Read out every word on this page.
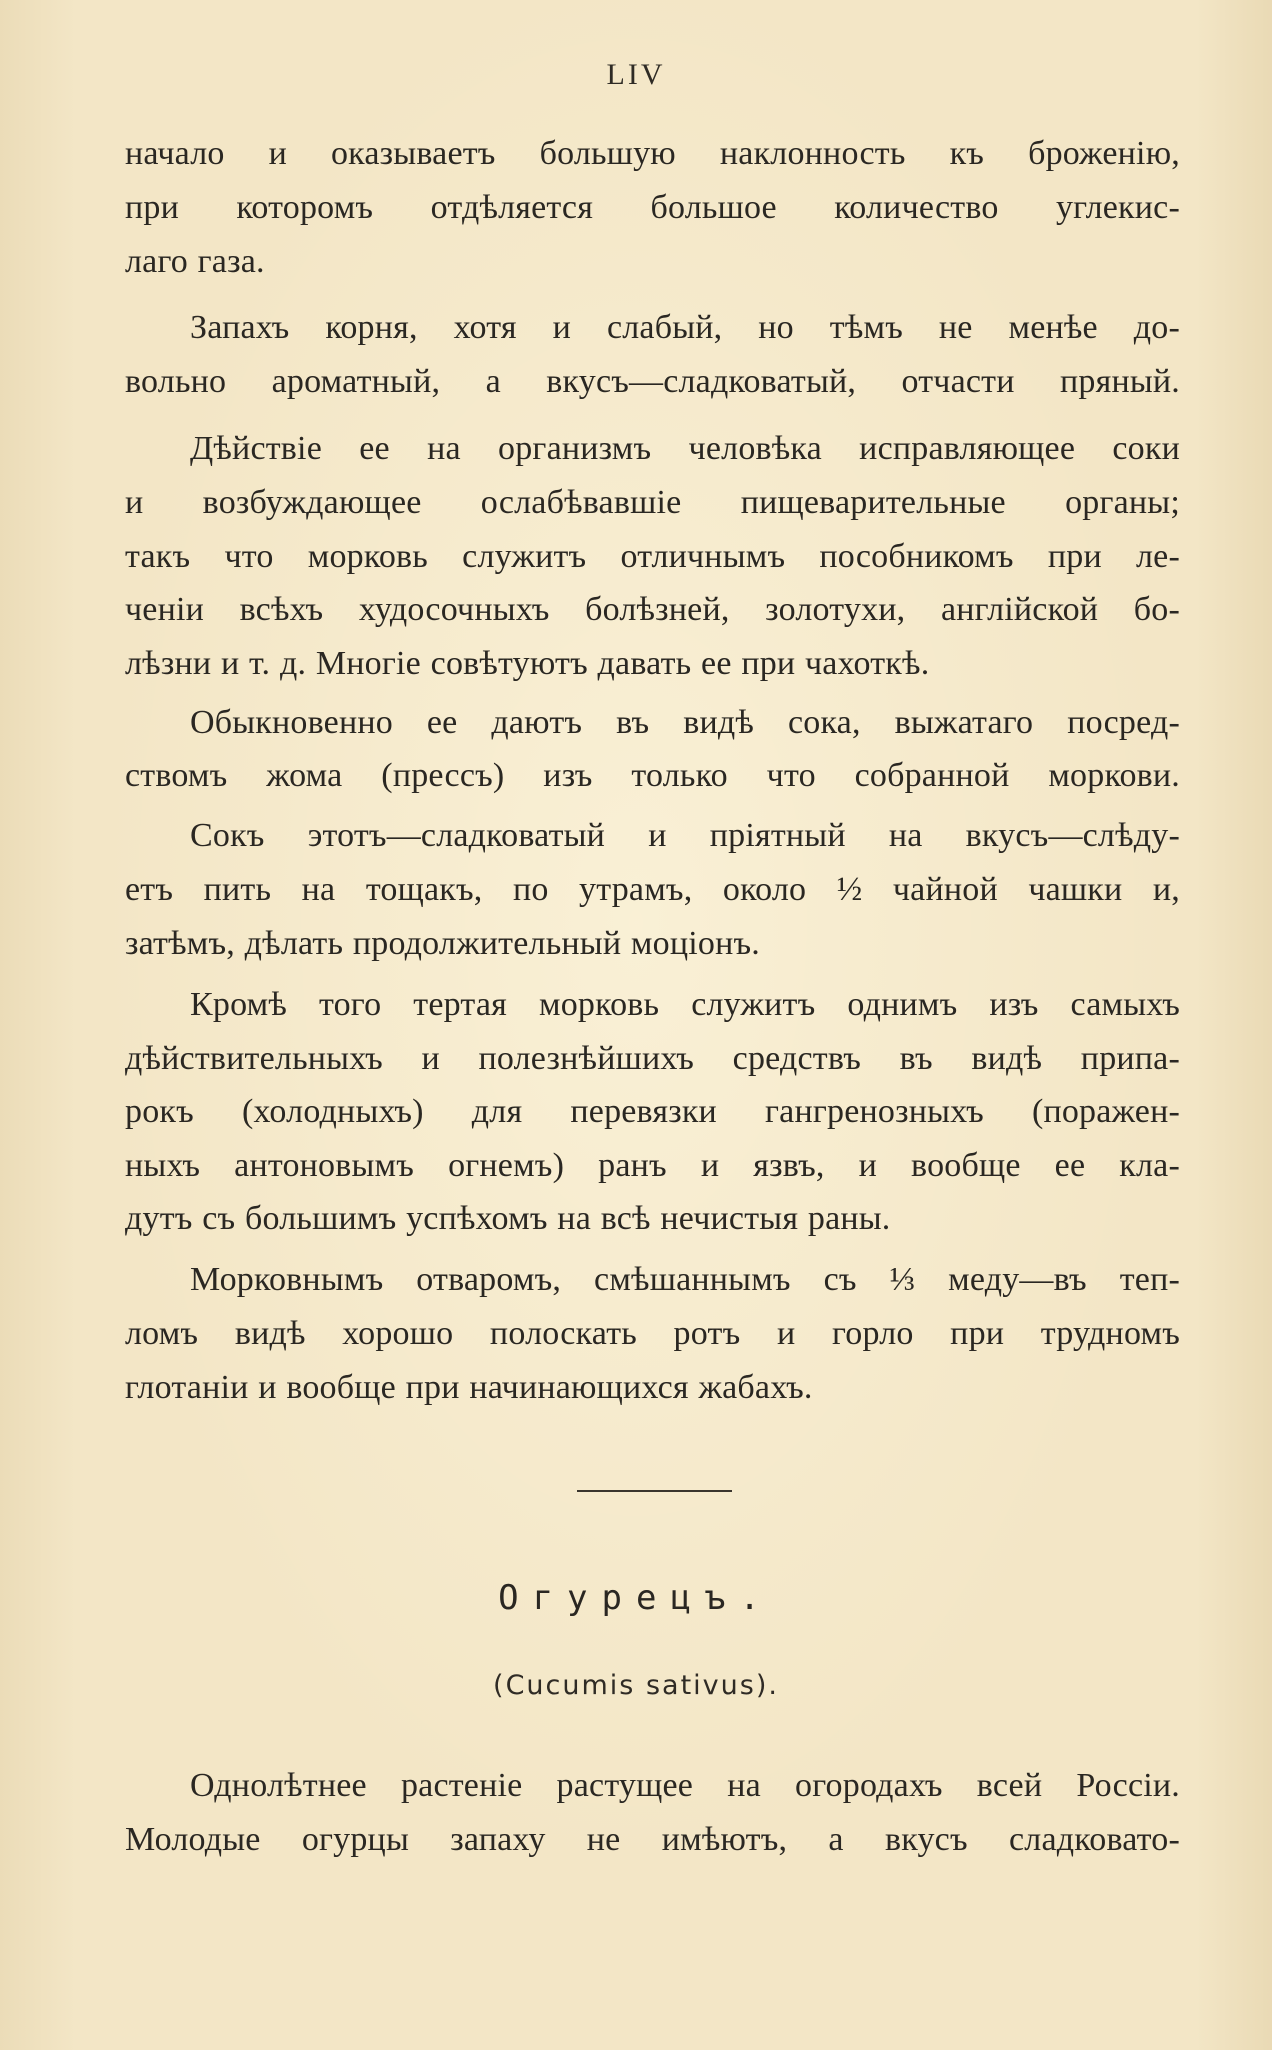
LIV
начало и оказываетъ большую наклонность къ броженію,
при которомъ отдѣляется большое количество углекис-
лаго газа.
Запахъ корня, хотя и слабый, но тѣмъ не менѣе до-
вольно ароматный, а вкусъ—сладковатый, отчасти пряный.
Дѣйствіе ее на организмъ человѣка исправляющее соки
и возбуждающее ослабѣвавшіе пищеварительные органы;
такъ что морковь служитъ отличнымъ пособникомъ при ле-
ченіи всѣхъ худосочныхъ болѣзней, золотухи, англійской бо-
лѣзни и т. д. Многіе совѣтуютъ давать ее при чахоткѣ.
Обыкновенно ее даютъ въ видѣ сока, выжатаго посред-
ствомъ жома (прессъ) изъ только что собранной моркови.
Сокъ этотъ—сладковатый и пріятный на вкусъ—слѣду-
етъ пить на тощакъ, по утрамъ, около ½ чайной чашки и,
затѣмъ, дѣлать продолжительный моціонъ.
Кромѣ того тертая морковь служитъ однимъ изъ самыхъ
дѣйствительныхъ и полезнѣйшихъ средствъ въ видѣ припа-
рокъ (холодныхъ) для перевязки гангренозныхъ (поражен-
ныхъ антоновымъ огнемъ) ранъ и язвъ, и вообще ее кла-
дутъ съ большимъ успѣхомъ на всѣ нечистыя раны.
Морковнымъ отваромъ, смѣшаннымъ съ ⅓ меду—въ теп-
ломъ видѣ хорошо полоскать ротъ и горло при трудномъ
глотаніи и вообще при начинающихся жабахъ.
Огурецъ.
(Cucumis sativus).
Однолѣтнее растеніе растущее на огородахъ всей Россіи.
Молодые огурцы запаху не имѣютъ, а вкусъ сладковато-
